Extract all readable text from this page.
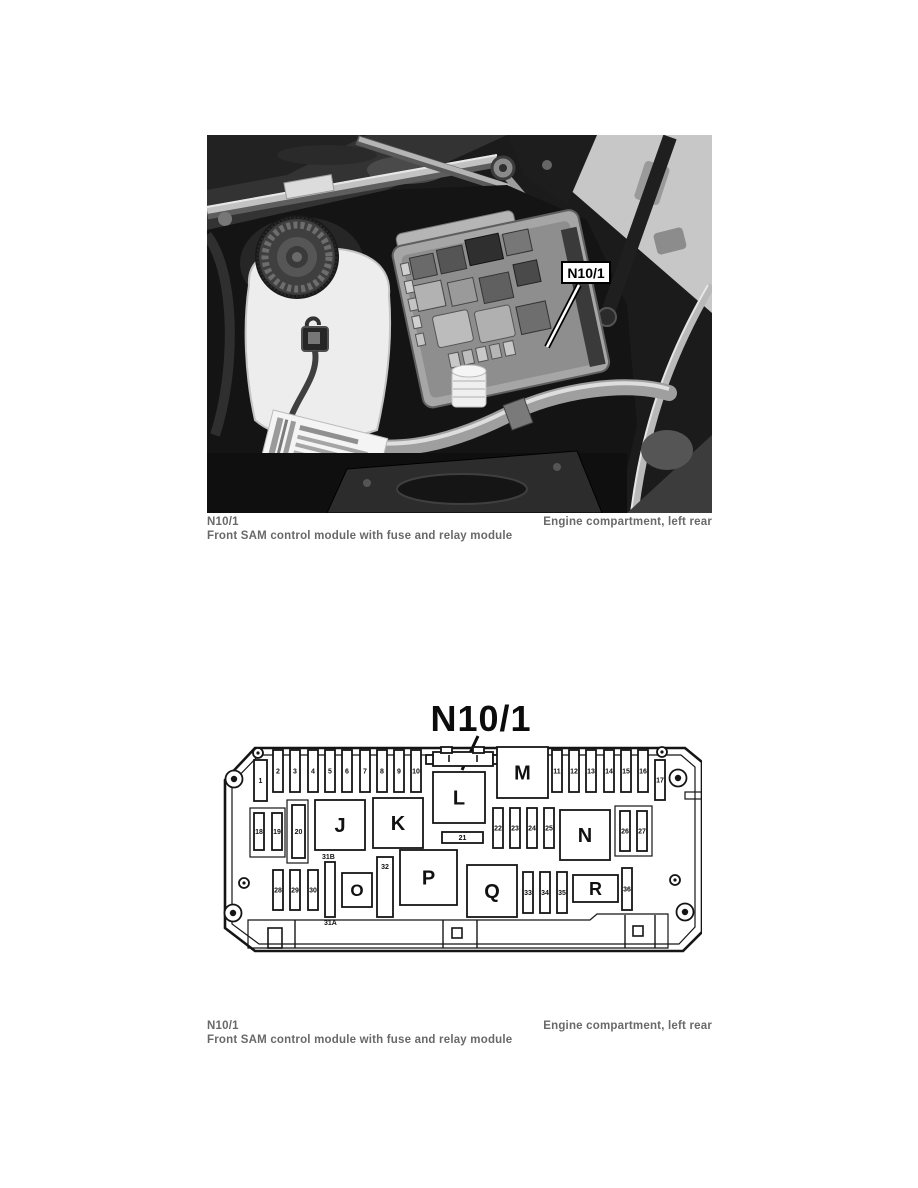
N10/1
N10/1	Engine compartment, left rear
Front SAM control module with fuse and relay module
N10/1
1
2 3 4 5 6 7 8 9 10	11 12 13 14 15 16
17
18 19 20
21
22 23 24 25	26 27
28 29 30
32
33 34 35	36
J K
L
M
N
O
P
Q	R
31B
31A
N10/1	Engine compartment, left rear
Front SAM control module with fuse and relay module
